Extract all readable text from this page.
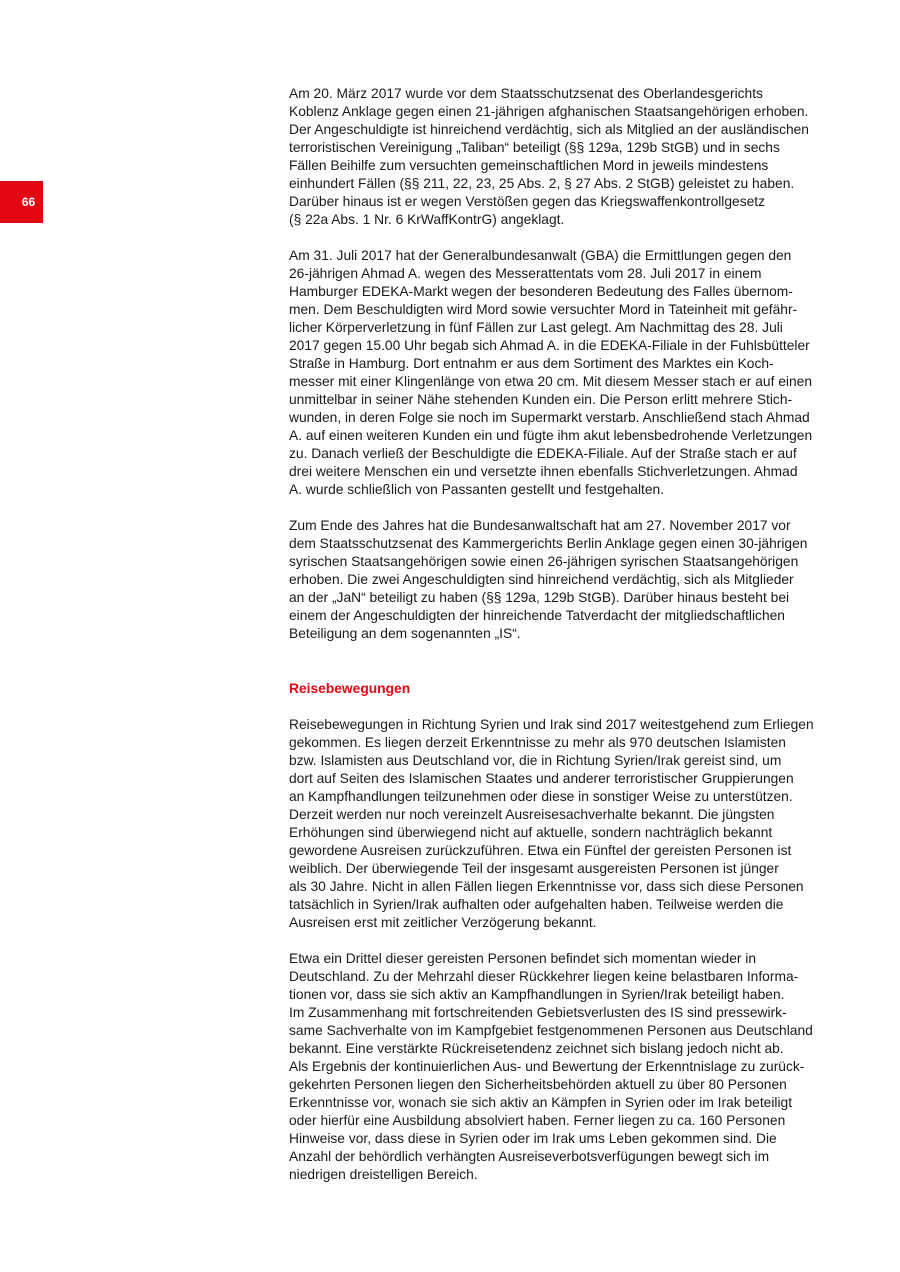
66

Am 20. März 2017 wurde vor dem Staatsschutzsenat des Oberlandesgerichts
Koblenz Anklage gegen einen 21-jährigen afghanischen Staatsangehörigen erhoben.
Der Angeschuldigte ist hinreichend verdächtig, sich als Mitglied an der ausländischen
terroristischen Vereinigung „Taliban“ beteiligt (§§ 129a, 129b StGB) und in sechs
Fällen Beihilfe zum versuchten gemeinschaftlichen Mord in jeweils mindestens
einhundert Fällen (§§ 211, 22, 23, 25 Abs. 2, § 27 Abs. 2 StGB) geleistet zu haben.
Darüber hinaus ist er wegen Verstößen gegen das Kriegswaffenkontrollgesetz
(§ 22a Abs. 1 Nr. 6 KrWaffKontrG) angeklagt.

Am 31. Juli 2017 hat der Generalbundesanwalt (GBA) die Ermittlungen gegen den
26-jährigen Ahmad A. wegen des Messerattentats vom 28. Juli 2017 in einem
Hamburger EDEKA-Markt wegen der besonderen Bedeutung des Falles übernom-
men. Dem Beschuldigten wird Mord sowie versuchter Mord in Tateinheit mit gefähr-
licher Körperverletzung in fünf Fällen zur Last gelegt. Am Nachmittag des 28. Juli
2017 gegen 15.00 Uhr begab sich Ahmad A. in die EDEKA-Filiale in der Fuhlsbütteler
Straße in Hamburg. Dort entnahm er aus dem Sortiment des Marktes ein Koch-
messer mit einer Klingenlänge von etwa 20 cm. Mit diesem Messer stach er auf einen
unmittelbar in seiner Nähe stehenden Kunden ein. Die Person erlitt mehrere Stich-
wunden, in deren Folge sie noch im Supermarkt verstarb. Anschließend stach Ahmad
A. auf einen weiteren Kunden ein und fügte ihm akut lebensbedrohende Verletzungen
zu. Danach verließ der Beschuldigte die EDEKA-Filiale. Auf der Straße stach er auf
drei weitere Menschen ein und versetzte ihnen ebenfalls Stichverletzungen. Ahmad
A. wurde schließlich von Passanten gestellt und festgehalten.

Zum Ende des Jahres hat die Bundesanwaltschaft hat am 27. November 2017 vor
dem Staatsschutzsenat des Kammergerichts Berlin Anklage gegen einen 30-jährigen
syrischen Staatsangehörigen sowie einen 26-jährigen syrischen Staatsangehörigen
erhoben. Die zwei Angeschuldigten sind hinreichend verdächtig, sich als Mitglieder
an der „JaN“ beteiligt zu haben (§§ 129a, 129b StGB). Darüber hinaus besteht bei
einem der Angeschuldigten der hinreichende Tatverdacht der mitgliedschaftlichen
Beteiligung an dem sogenannten „IS“.

Reisebewegungen

Reisebewegungen in Richtung Syrien und Irak sind 2017 weitestgehend zum Erliegen
gekommen. Es liegen derzeit Erkenntnisse zu mehr als 970 deutschen Islamisten
bzw. Islamisten aus Deutschland vor, die in Richtung Syrien/Irak gereist sind, um
dort auf Seiten des Islamischen Staates und anderer terroristischer Gruppierungen
an Kampfhandlungen teilzunehmen oder diese in sonstiger Weise zu unterstützen.
Derzeit werden nur noch vereinzelt Ausreisesachverhalte bekannt. Die jüngsten
Erhöhungen sind überwiegend nicht auf aktuelle, sondern nachträglich bekannt
gewordene Ausreisen zurückzuführen. Etwa ein Fünftel der gereisten Personen ist
weiblich. Der überwiegende Teil der insgesamt ausgereisten Personen ist jünger
als 30 Jahre. Nicht in allen Fällen liegen Erkenntnisse vor, dass sich diese Personen
tatsächlich in Syrien/Irak aufhalten oder aufgehalten haben. Teilweise werden die
Ausreisen erst mit zeitlicher Verzögerung bekannt.

Etwa ein Drittel dieser gereisten Personen befindet sich momentan wieder in
Deutschland. Zu der Mehrzahl dieser Rückkehrer liegen keine belastbaren Informa-
tionen vor, dass sie sich aktiv an Kampfhandlungen in Syrien/Irak beteiligt haben.
Im Zusammenhang mit fortschreitenden Gebietsverlusten des IS sind pressewirk-
same Sachverhalte von im Kampfgebiet festgenommenen Personen aus Deutschland
bekannt. Eine verstärkte Rückreisetendenz zeichnet sich bislang jedoch nicht ab.
Als Ergebnis der kontinuierlichen Aus- und Bewertung der Erkenntnislage zu zurück-
gekehrten Personen liegen den Sicherheitsbehörden aktuell zu über 80 Personen
Erkenntnisse vor, wonach sie sich aktiv an Kämpfen in Syrien oder im Irak beteiligt
oder hierfür eine Ausbildung absolviert haben. Ferner liegen zu ca. 160 Personen
Hinweise vor, dass diese in Syrien oder im Irak ums Leben gekommen sind. Die
Anzahl der behördlich verhängten Ausreiseverbotsverfügungen bewegt sich im
niedrigen dreistelligen Bereich.
